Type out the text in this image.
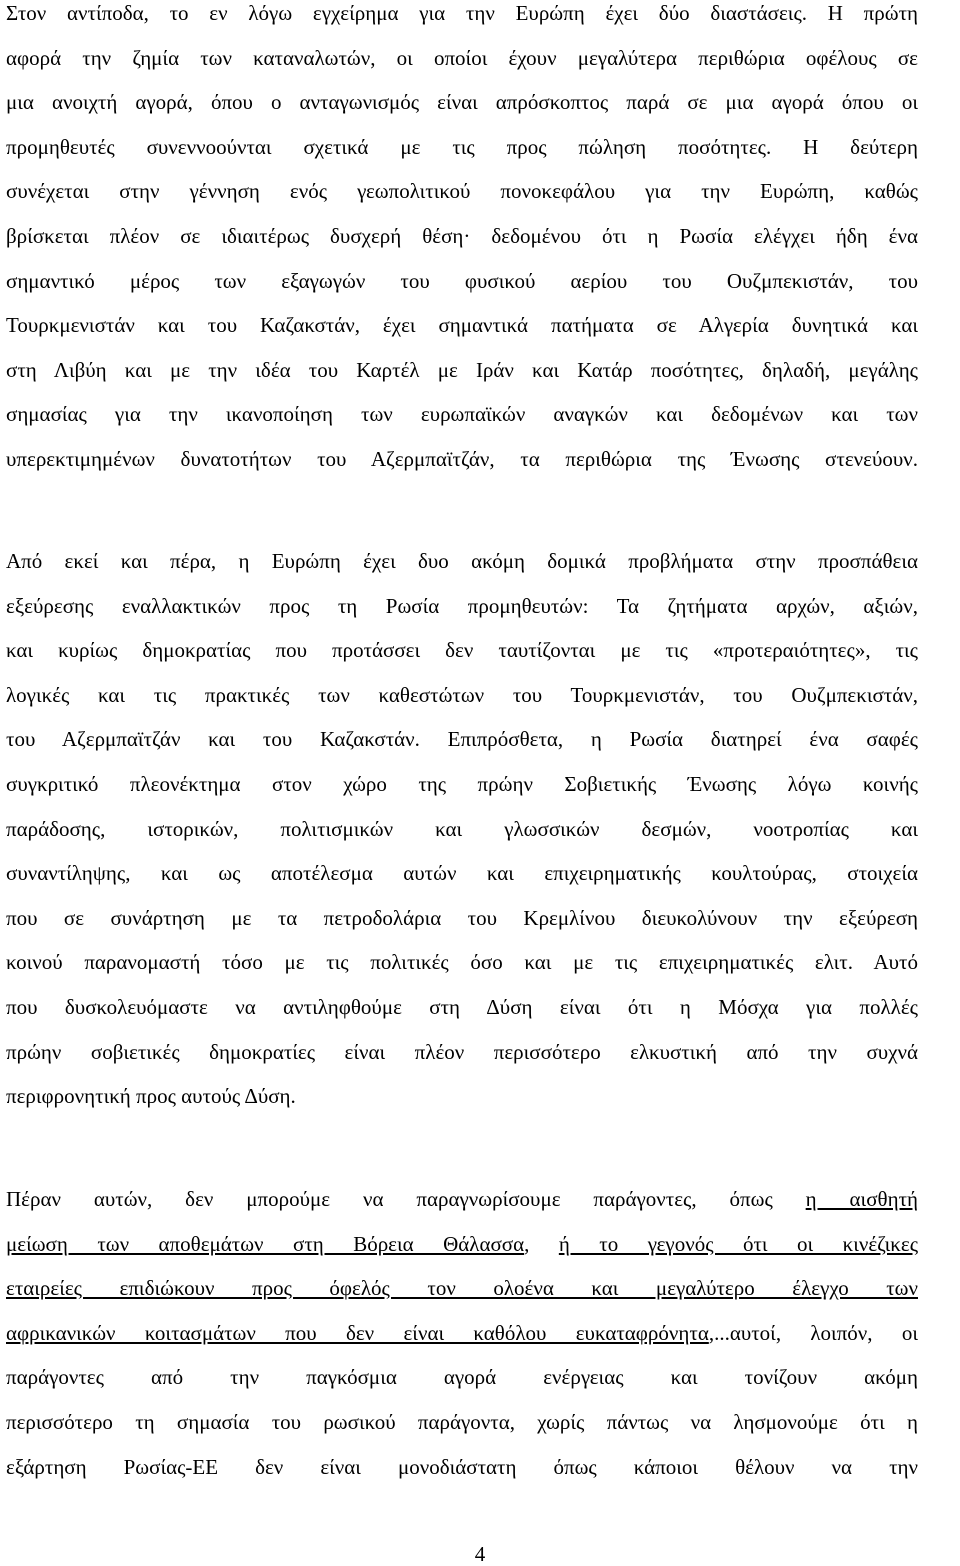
Στον αντίποδα, το εν λόγω εγχείρημα για την Ευρώπη έχει δύο διαστάσεις. Η πρώτη
αφορά την ζημία των καταναλωτών, οι οποίοι έχουν μεγαλύτερα περιθώρια οφέλους σε
μια ανοιχτή αγορά, όπου ο ανταγωνισμός είναι απρόσκοπτος παρά σε μια αγορά όπου οι
προμηθευτές συνεννοούνται σχετικά με τις προς πώληση ποσότητες. Η δεύτερη
συνέχεται στην γέννηση ενός γεωπολιτικού πονοκεφάλου για την Ευρώπη, καθώς
βρίσκεται πλέον σε ιδιαιτέρως δυσχερή θέση· δεδομένου ότι η Ρωσία ελέγχει ήδη ένα
σημαντικό μέρος των εξαγωγών του φυσικού αερίου του Ουζμπεκιστάν, του
Τουρκμενιστάν και του Καζακστάν, έχει σημαντικά πατήματα σε Αλγερία δυνητικά και
στη Λιβύη και με την ιδέα του Καρτέλ με Ιράν και Κατάρ ποσότητες, δηλαδή, μεγάλης
σημασίας για την ικανοποίηση των ευρωπαϊκών αναγκών και δεδομένων και των
υπερεκτιμημένων δυνατοτήτων του Αζερμπαϊτζάν, τα περιθώρια της Ένωσης στενεύουν.
Από εκεί και πέρα, η Ευρώπη έχει δυο ακόμη δομικά προβλήματα στην προσπάθεια
εξεύρεσης εναλλακτικών προς τη Ρωσία προμηθευτών: Τα ζητήματα αρχών, αξιών,
και κυρίως δημοκρατίας που προτάσσει δεν ταυτίζονται με τις «προτεραιότητες», τις
λογικές και τις πρακτικές των καθεστώτων του Τουρκμενιστάν, του Ουζμπεκιστάν,
του Αζερμπαϊτζάν και του Καζακστάν. Επιπρόσθετα, η Ρωσία διατηρεί ένα σαφές
συγκριτικό πλεονέκτημα στον χώρο της πρώην Σοβιετικής Ένωσης λόγω κοινής
παράδοσης, ιστορικών, πολιτισμικών και γλωσσικών δεσμών, νοοτροπίας και
συναντίληψης, και ως αποτέλεσμα αυτών και επιχειρηματικής κουλτούρας, στοιχεία
που σε συνάρτηση με τα πετροδολάρια του Κρεμλίνου διευκολύνουν την εξεύρεση
κοινού παρανομαστή τόσο με τις πολιτικές όσο και με τις επιχειρηματικές ελιτ. Αυτό
που δυσκολευόμαστε να αντιληφθούμε στη Δύση είναι ότι η Μόσχα για πολλές
πρώην σοβιετικές δημοκρατίες είναι πλέον περισσότερο ελκυστική από την συχνά
περιφρονητική προς αυτούς Δύση.
Πέραν αυτών, δεν μπορούμε να παραγνωρίσουμε παράγοντες, όπως η αισθητή
μείωση των αποθεμάτων στη Βόρεια Θάλασσα, ή το γεγονός ότι οι κινέζικες
εταιρείες επιδιώκουν προς όφελός τον ολοένα και μεγαλύτερο έλεγχο των
αφρικανικών κοιτασμάτων που δεν είναι καθόλου ευκαταφρόνητα,...αυτοί, λοιπόν, οι
παράγοντες από την παγκόσμια αγορά ενέργειας και τονίζουν ακόμη
περισσότερο τη σημασία του ρωσικού παράγοντα, χωρίς πάντως να λησμονούμε ότι η
εξάρτηση Ρωσίας-ΕΕ δεν είναι μονοδιάστατη όπως κάποιοι θέλουν να την
4
